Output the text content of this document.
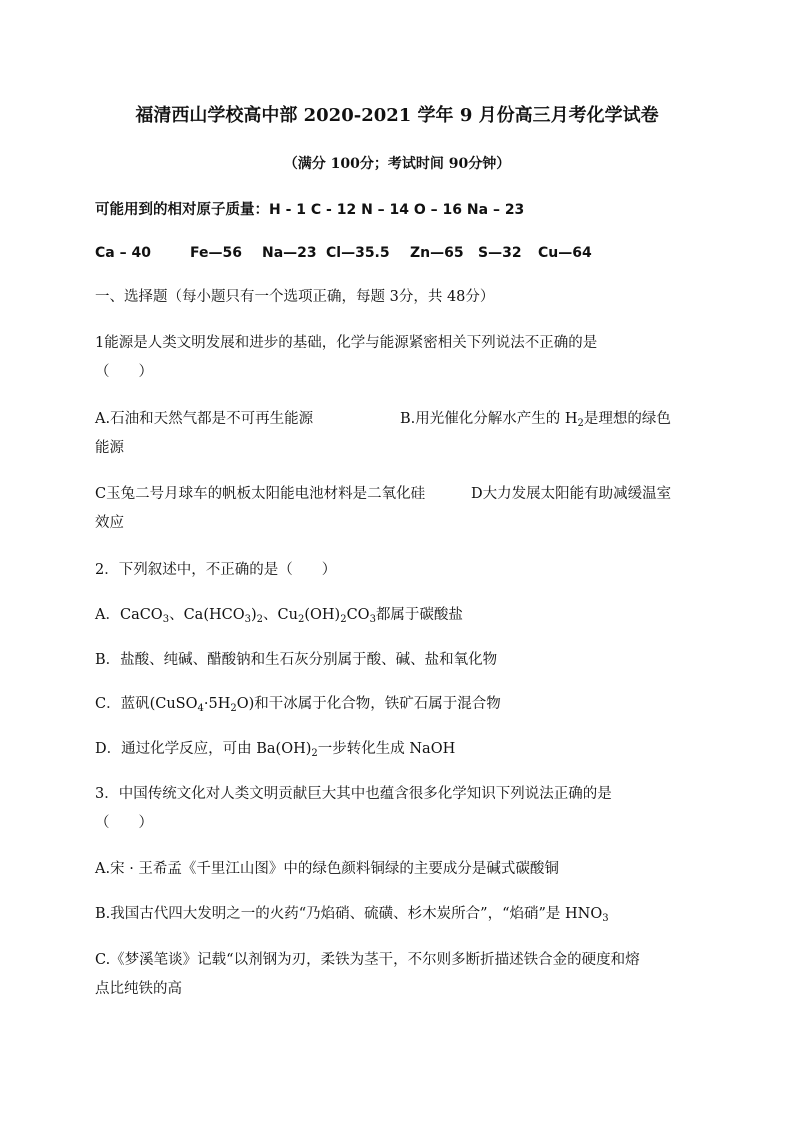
福清西山学校高中部 2020-2021 学年 9 月份高三月考化学试卷
（满分 100分；考试时间 90分钟）
可能用到的相对原子质量：H - 1 C - 12 N – 14 O – 16 Na – 23
Ca – 40	Fe—56 Na—23 Cl—35.5 Zn—65 S—32 Cu—64
一、选择题（每小题只有一个选项正确，每题 3分，共 48分）
1能源是人类文明发展和进步的基础，化学与能源紧密相关下列说法不正确的是
（　　）
A.石油和天然气都是不可再生能源	B.用光催化分解水产生的 $H_2$是理想的绿色
能源
C玉兔二号月球车的帆板太阳能电池材料是二氧化硅	D大力发展太阳能有助减缓温室
效应
2．下列叙述中，不正确的是（　　）
A．CaCO$_3$、$Ca(HCO_3)_2$、$Cu_2(OH)_2CO_3$都属于碳酸盐
B．盐酸、纯碱、醋酸钠和生石灰分别属于酸、碱、盐和氧化物
C．蓝矾$(CuSO_4\cdot 5H_2O)$和干冰属于化合物，铁矿石属于混合物
D．通过化学反应，可由 $Ba(OH)_2$一步转化生成 NaOH
3．中国传统文化对人类文明贡献巨大其中也蕴含很多化学知识下列说法正确的是
（　　）
A.宋 · 王希孟《千里江山图》中的绿色颜料铜绿的主要成分是碱式碳酸铜
B.我国古代四大发明之一的火药“乃焰硝、硫磺、杉木炭所合”，“焰硝”是 $HNO_3$
C.《梦溪笔谈》记载“以剂钢为刃，柔铁为茎干，不尔则多断折描述铁合金的硬度和熔
点比纯铁的高
